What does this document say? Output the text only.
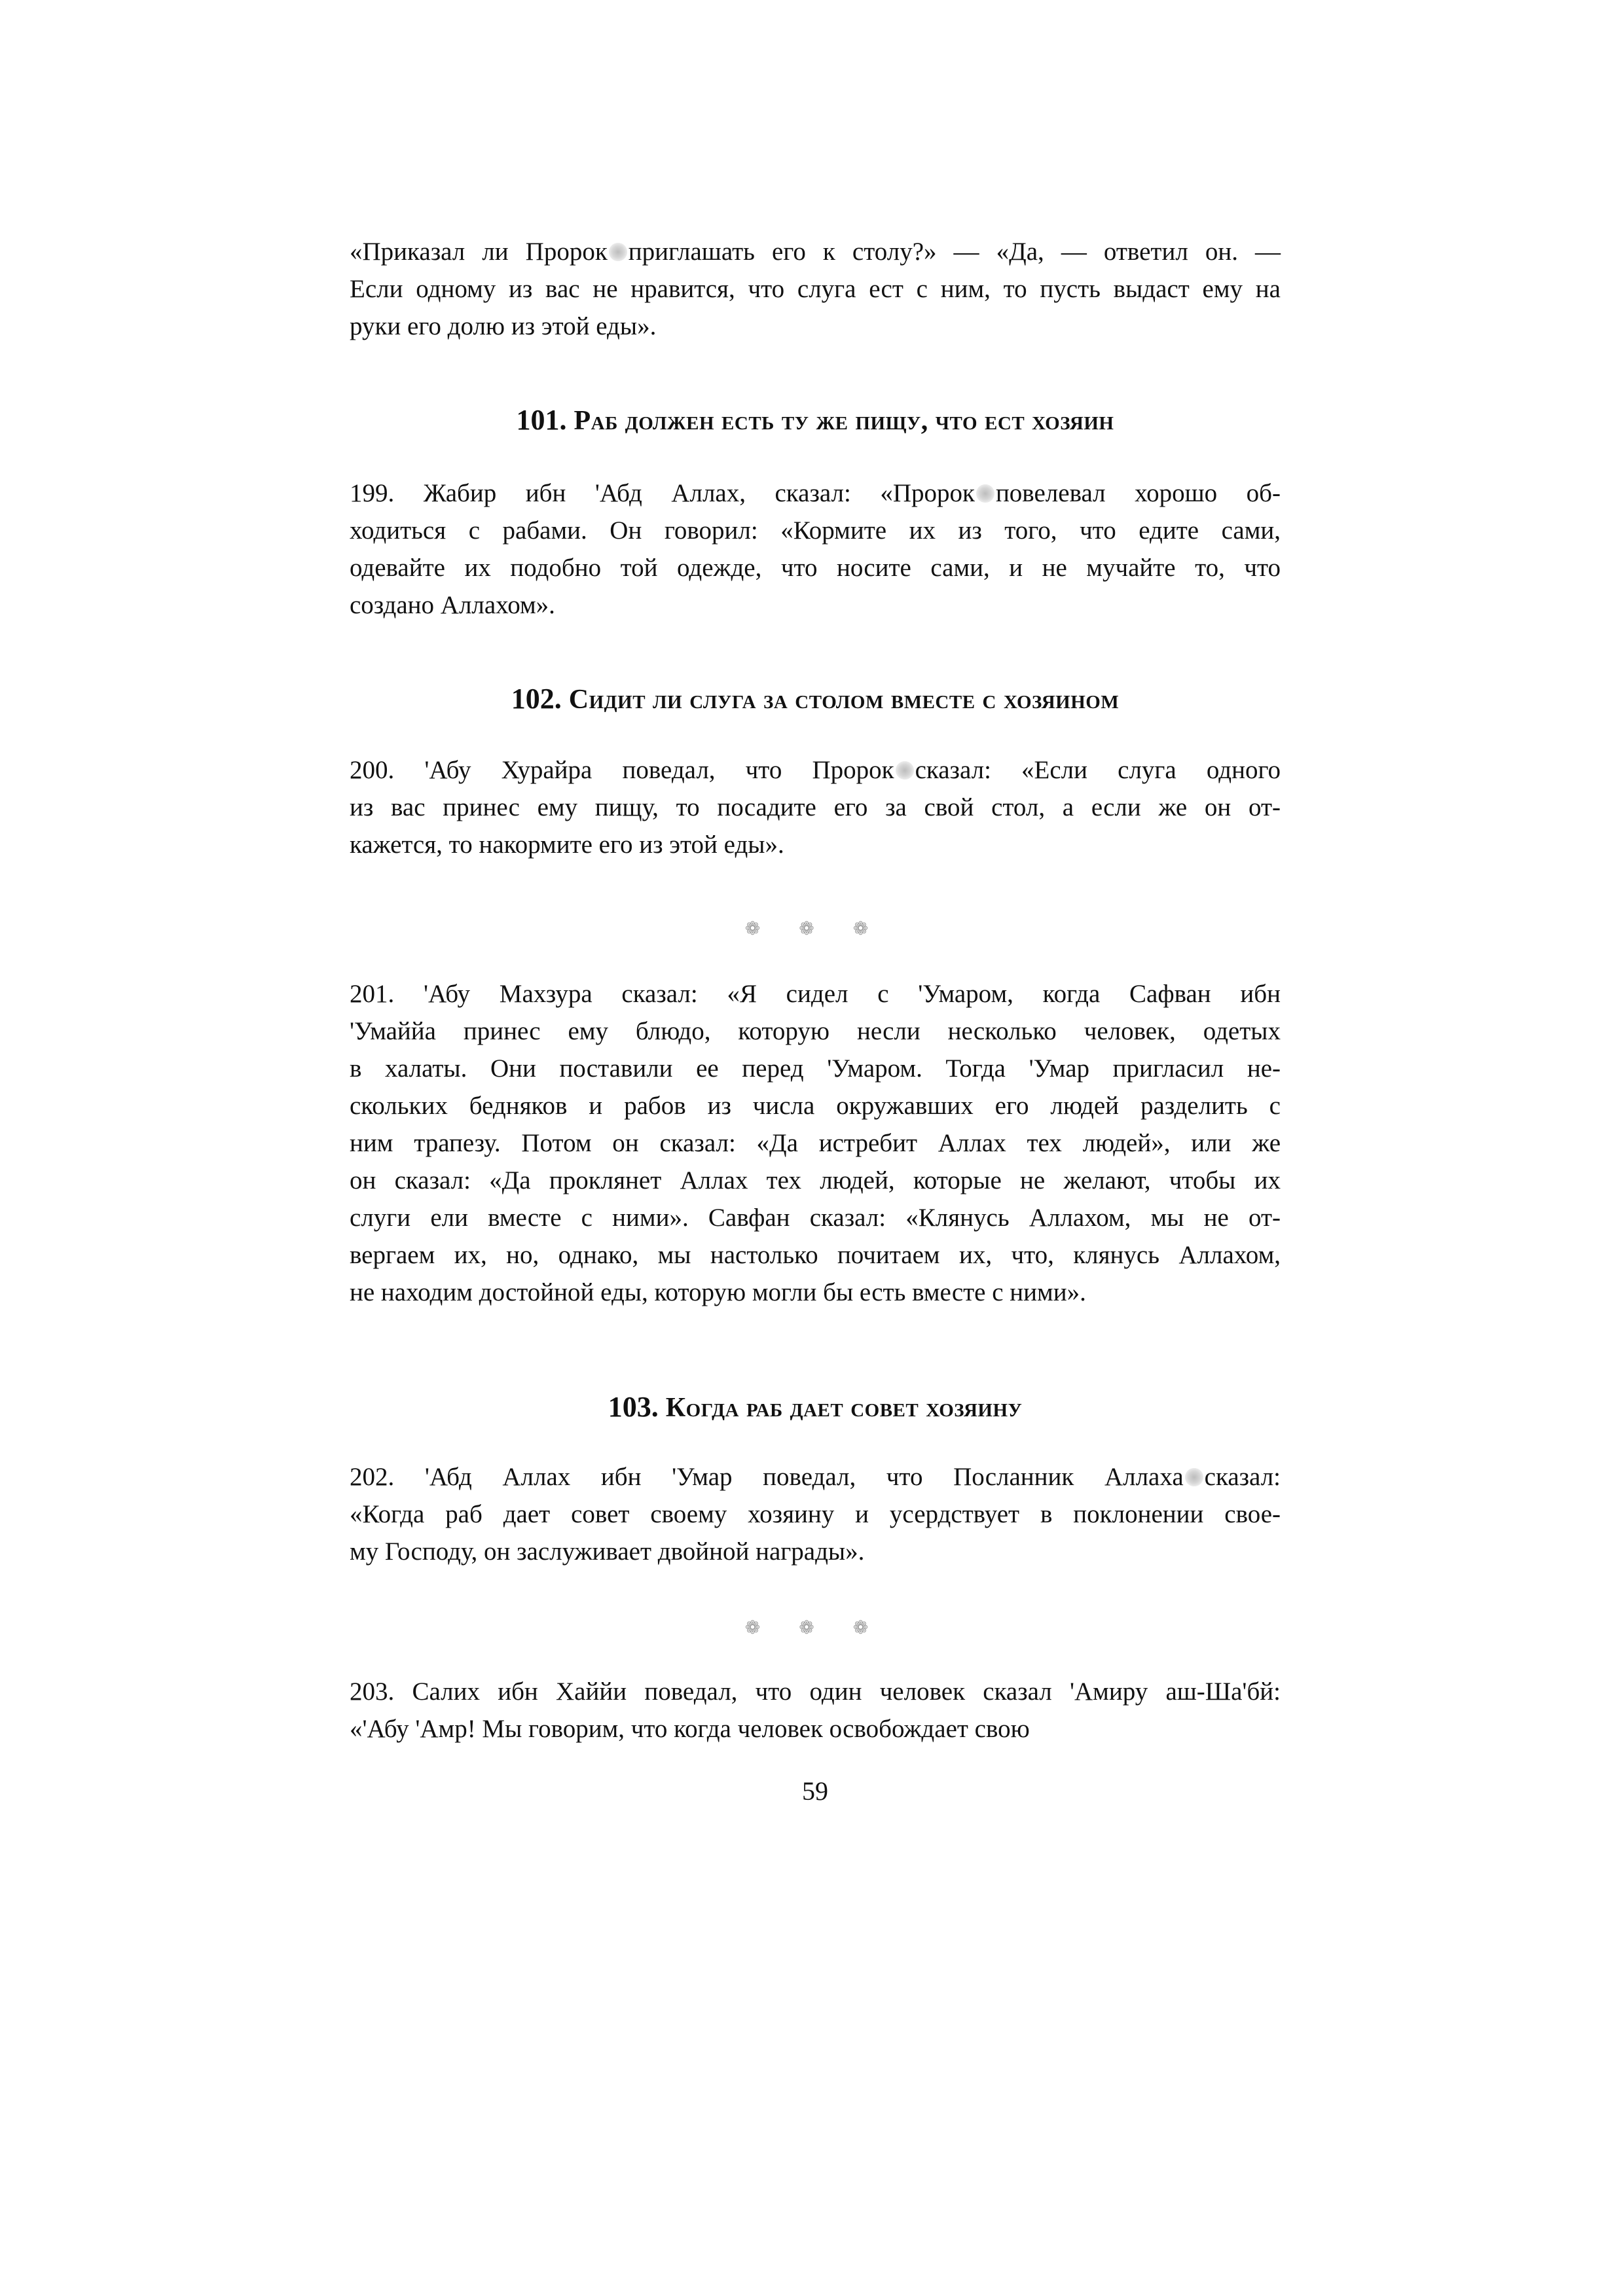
«Приказал ли Пророк приглашать его к столу?» — «Да, — ответил он. —
Если одному из вас не нравится, что слуга ест с ним, то пусть выдаст ему на
руки его долю из этой еды».
101. Раб должен есть ту же пищу, что ест хозяин
199. Жабир ибн 'Абд Аллах, сказал: «Пророк повелевал хорошо об-
ходиться с рабами. Он говорил: «Кормите их из того, что едите сами,
одевайте их подобно той одежде, что носите сами, и не мучайте то, что
создано Аллахом».
102. Сидит ли слуга за столом вместе с хозяином
200. 'Абу Хурайра поведал, что Пророк сказал: «Если слуга одного
из вас принес ему пищу, то посадите его за свой стол, а если же он от-
кажется, то накормите его из этой еды».
❁ ❁ ❁
201. 'Абу Махзура сказал: «Я сидел с 'Умаром, когда Сафван ибн
'Умаййа принес ему блюдо, которую несли несколько человек, одетых
в халаты. Они поставили ее перед 'Умаром. Тогда 'Умар пригласил не-
скольких бедняков и рабов из числа окружавших его людей разделить с
ним трапезу. Потом он сказал: «Да истребит Аллах тех людей», или же
он сказал: «Да проклянет Аллах тех людей, которые не желают, чтобы их
слуги ели вместе с ними». Савфан сказал: «Клянусь Аллахом, мы не от-
вергаем их, но, однако, мы настолько почитаем их, что, клянусь Аллахом,
не находим достойной еды, которую могли бы есть вместе с ними».
103. Когда раб дает совет хозяину
202. 'Абд Аллах ибн 'Умар поведал, что Посланник Аллаха сказал:
«Когда раб дает совет своему хозяину и усердствует в поклонении свое-
му Господу, он заслуживает двойной награды».
❁ ❁ ❁
203. Салих ибн Хаййи поведал, что один человек сказал 'Амиру аш-Ша'бй:
«'Абу 'Амр! Мы говорим, что когда человек освобождает свою
59
